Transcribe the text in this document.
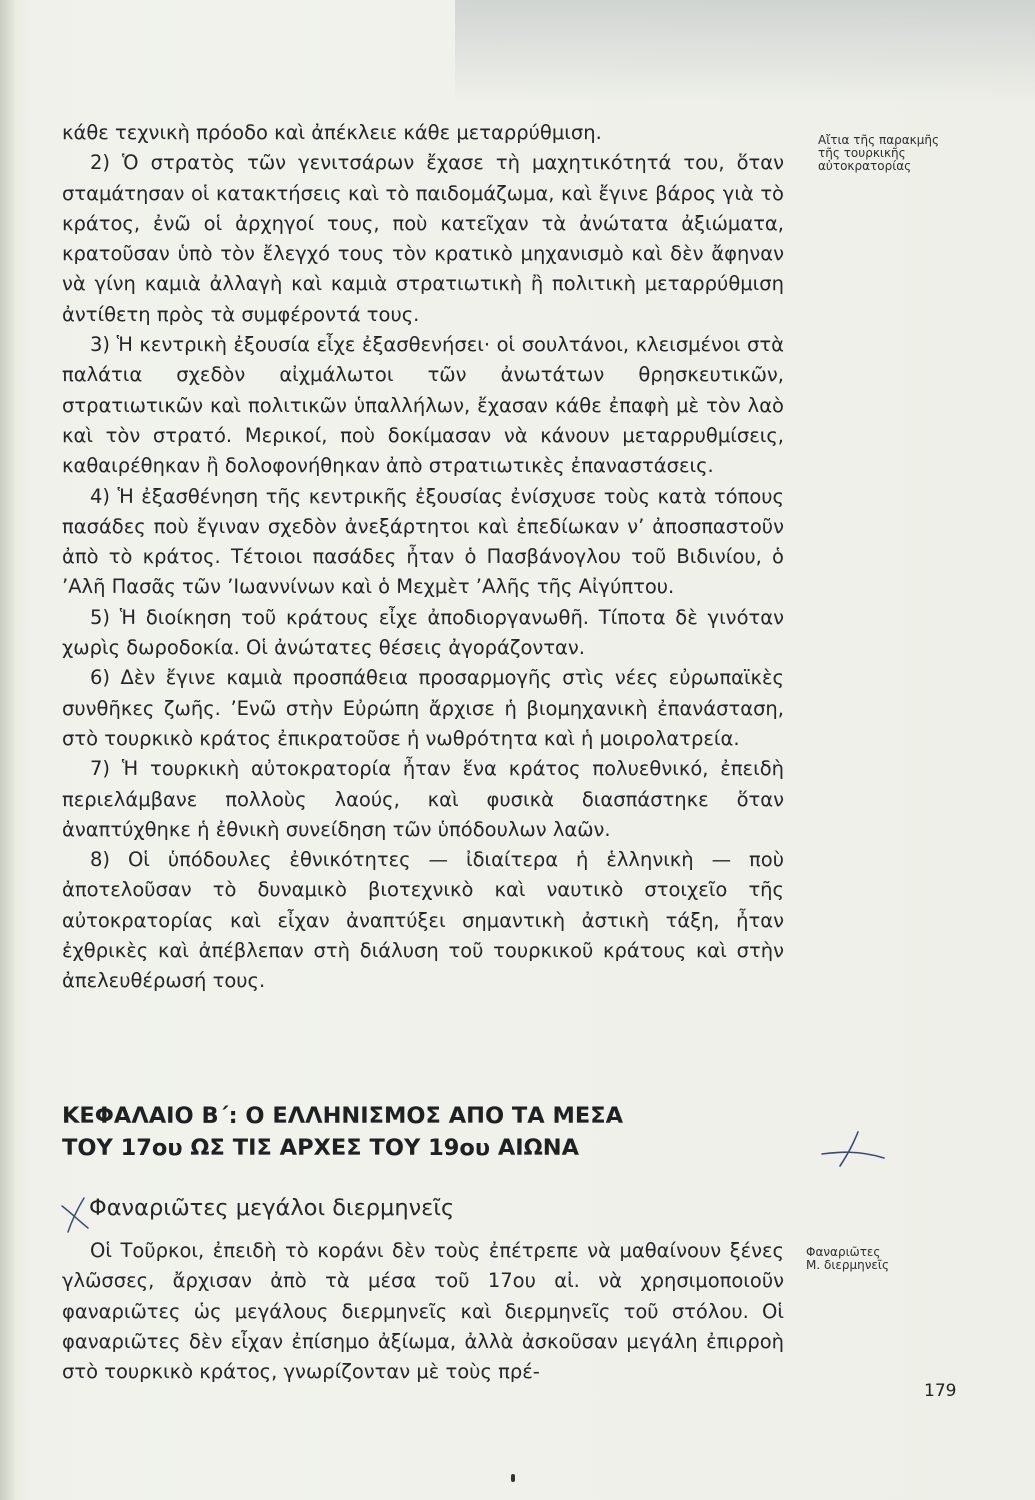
κάθε τεχνικὴ πρόοδο καὶ ἀπέκλειε κάθε μεταρρύθμιση.

2) Ὁ στρατὸς τῶν γενιτσάρων ἔχασε τὴ μαχητικότητά του, ὅταν σταμάτησαν οἱ κατακτήσεις καὶ τὸ παιδομάζωμα, καὶ ἔγινε βάρος γιὰ τὸ κράτος, ἐνῶ οἱ ἀρχηγοί τους, ποὺ κατεῖχαν τὰ ἀνώτατα ἀξιώματα, κρατοῦσαν ὑπὸ τὸν ἔλεγχό τους τὸν κρατικὸ μηχανισμὸ καὶ δὲν ἄφηναν νὰ γίνη καμιὰ ἀλλαγὴ καὶ καμιὰ στρατιωτικὴ ἢ πολιτικὴ μεταρρύθμιση ἀντίθετη πρὸς τὰ συμφέροντά τους.

3) Ἡ κεντρικὴ ἐξουσία εἶχε ἐξασθενήσει· οἱ σουλτάνοι, κλεισμένοι στὰ παλάτια σχεδὸν αἰχμάλωτοι τῶν ἀνωτάτων θρησκευτικῶν, στρατιωτικῶν καὶ πολιτικῶν ὑπαλλήλων, ἔχασαν κάθε ἐπαφὴ μὲ τὸν λαὸ καὶ τὸν στρατό. Μερικοί, ποὺ δοκίμασαν νὰ κάνουν μεταρρυθμίσεις, καθαιρέθηκαν ἢ δολοφονήθηκαν ἀπὸ στρατιωτικὲς ἐπαναστάσεις.

4) Ἡ ἐξασθένηση τῆς κεντρικῆς ἐξουσίας ἐνίσχυσε τοὺς κατὰ τόπους πασάδες ποὺ ἔγιναν σχεδὸν ἀνεξάρτητοι καὶ ἐπεδίωκαν ν’ ἀποσπαστοῦν ἀπὸ τὸ κράτος. Τέτοιοι πασάδες ἦταν ὁ Πασβάνογλου τοῦ Βιδινίου, ὁ ’Αλῆ Πασᾶς τῶν ’Ιωαννίνων καὶ ὁ Μεχμὲτ ’Αλῆς τῆς Αἰγύπτου.

5) Ἡ διοίκηση τοῦ κράτους εἶχε ἀποδιοργανωθῆ. Τίποτα δὲ γινόταν χωρὶς δωροδοκία. Οἱ ἀνώτατες θέσεις ἀγοράζονταν.

6) Δὲν ἔγινε καμιὰ προσπάθεια προσαρμογῆς στὶς νέες εὐρωπαϊκὲς συνθῆκες ζωῆς. ’Ενῶ στὴν Εὐρώπη ἄρχισε ἡ βιομηχανικὴ ἐπανάσταση, στὸ τουρκικὸ κράτος ἐπικρατοῦσε ἡ νωθρότητα καὶ ἡ μοιρολατρεία.

7) Ἡ τουρκικὴ αὐτοκρατορία ἦταν ἕνα κράτος πολυεθνικό, ἐπειδὴ περιελάμβανε πολλοὺς λαούς, καὶ φυσικὰ διασπάστηκε ὅταν ἀναπτύχθηκε ἡ ἐθνικὴ συνείδηση τῶν ὑπόδουλων λαῶν.

8) Οἱ ὑπόδουλες ἐθνικότητες — ἰδιαίτερα ἡ ἑλληνικὴ — ποὺ ἀποτελοῦσαν τὸ δυναμικὸ βιοτεχνικὸ καὶ ναυτικὸ στοιχεῖο τῆς αὐτοκρατορίας καὶ εἶχαν ἀναπτύξει σημαντικὴ ἀστικὴ τάξη, ἦταν ἐχθρικὲς καὶ ἀπέβλεπαν στὴ διάλυση τοῦ τουρκικοῦ κράτους καὶ στὴν ἀπελευθέρωσή τους.

Αἴτια τῆς παρακμῆς
τῆς τουρκικῆς
αὐτοκρατορίας
ΚΕΦΑΛΑΙΟ Β΄: Ο ΕΛΛΗΝΙΣΜΟΣ ΑΠΟ ΤΑ ΜΕΣΑ
ΤΟΥ 17ου ΩΣ ΤΙΣ ΑΡΧΕΣ ΤΟΥ 19ου ΑΙΩΝΑ
Φαναριῶτες μεγάλοι διερμηνεῖς

Οἱ Τοῦρκοι, ἐπειδὴ τὸ κοράνι δὲν τοὺς ἐπέτρεπε νὰ μαθαίνουν ξένες γλῶσσες, ἄρχισαν ἀπὸ τὰ μέσα τοῦ 17ου αἰ. νὰ χρησιμοποιοῦν φαναριῶτες ὡς μεγάλους διερμηνεῖς καὶ διερμηνεῖς τοῦ στόλου. Οἱ φαναριῶτες δὲν εἶχαν ἐπίσημο ἀξίωμα, ἀλλὰ ἀσκοῦσαν μεγάλη ἐπιρροὴ στὸ τουρκικὸ κράτος, γνωρίζονταν μὲ τοὺς πρέ-

Φαναριῶτες
Μ. διερμηνεῖς
179
